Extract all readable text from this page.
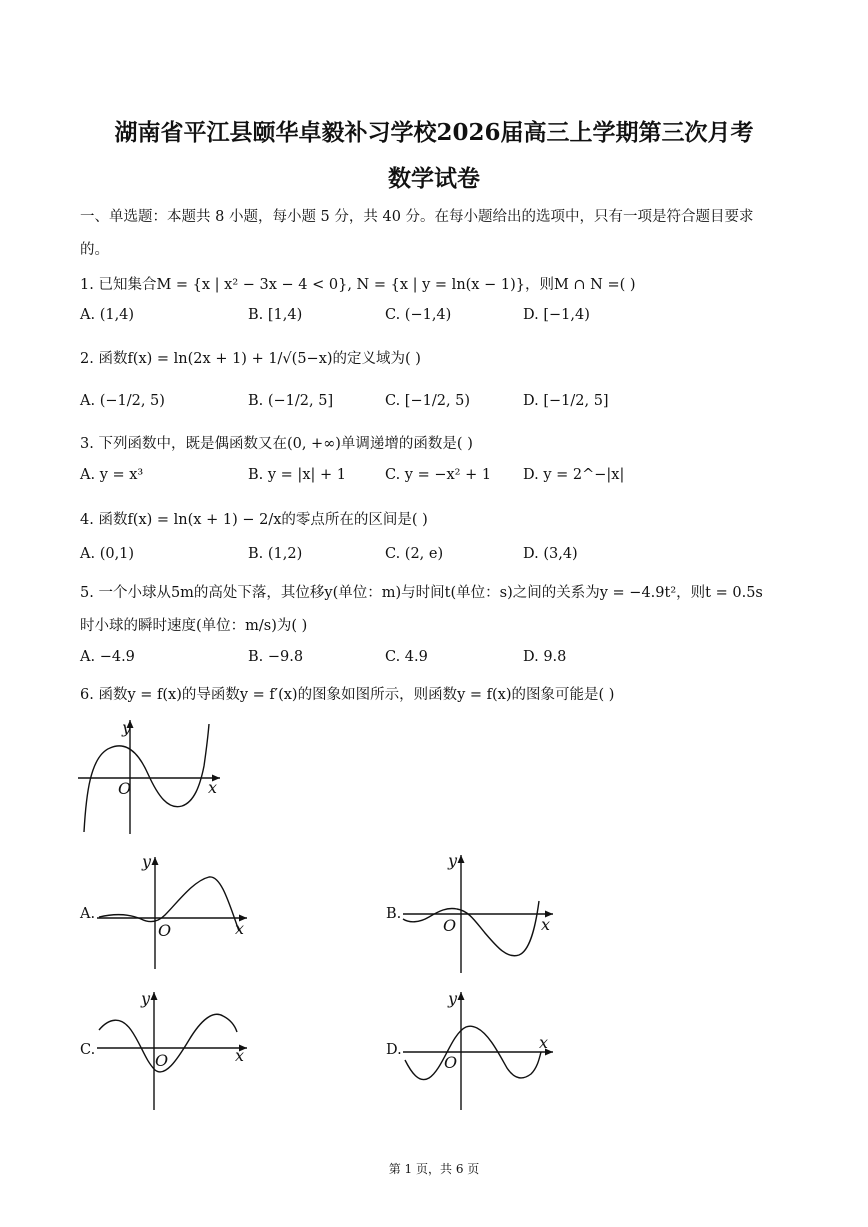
湖南省平江县颐华卓毅补习学校2026届高三上学期第三次月考
数学试卷
一、单选题：本题共 8 小题，每小题 5 分，共 40 分。在每小题给出的选项中，只有一项是符合题目要求
的。
1. 已知集合M = {x | x² − 3x − 4 < 0}, N = {x | y = ln(x − 1)}，则M ∩ N =( )
A. (1,4)	B. [1,4)	C. (−1,4)	D. [−1,4)
2. 函数f(x) = ln(2x + 1) + 1/√(5−x)的定义域为( )
A. (−1/2, 5)	B. (−1/2, 5]	C. [−1/2, 5)	D. [−1/2, 5]
3. 下列函数中，既是偶函数又在(0, +∞)单调递增的函数是( )
A. y = x³	B. y = |x| + 1	C. y = −x² + 1 D. y = 2^−|x|
4. 函数f(x) = ln(x + 1) − 2/x的零点所在的区间是( )
A. (0,1)	B. (1,2)	C. (2, e)	D. (3,4)
5. 一个小球从5m的高处下落，其位移y(单位：m)与时间t(单位：s)之间的关系为y = −4.9t²，则t = 0.5s
时小球的瞬时速度(单位：m/s)为( )
A. −4.9	B. −9.8	C. 4.9	D. 9.8
6. 函数y = f(x)的导函数y = f′(x)的图象如图所示，则函数y = f(x)的图象可能是( )
y
x
O
A.
y
x
O
B.
y
x
O
C.
y
x
O
D.
y
x
O
第 1 页，共 6 页
